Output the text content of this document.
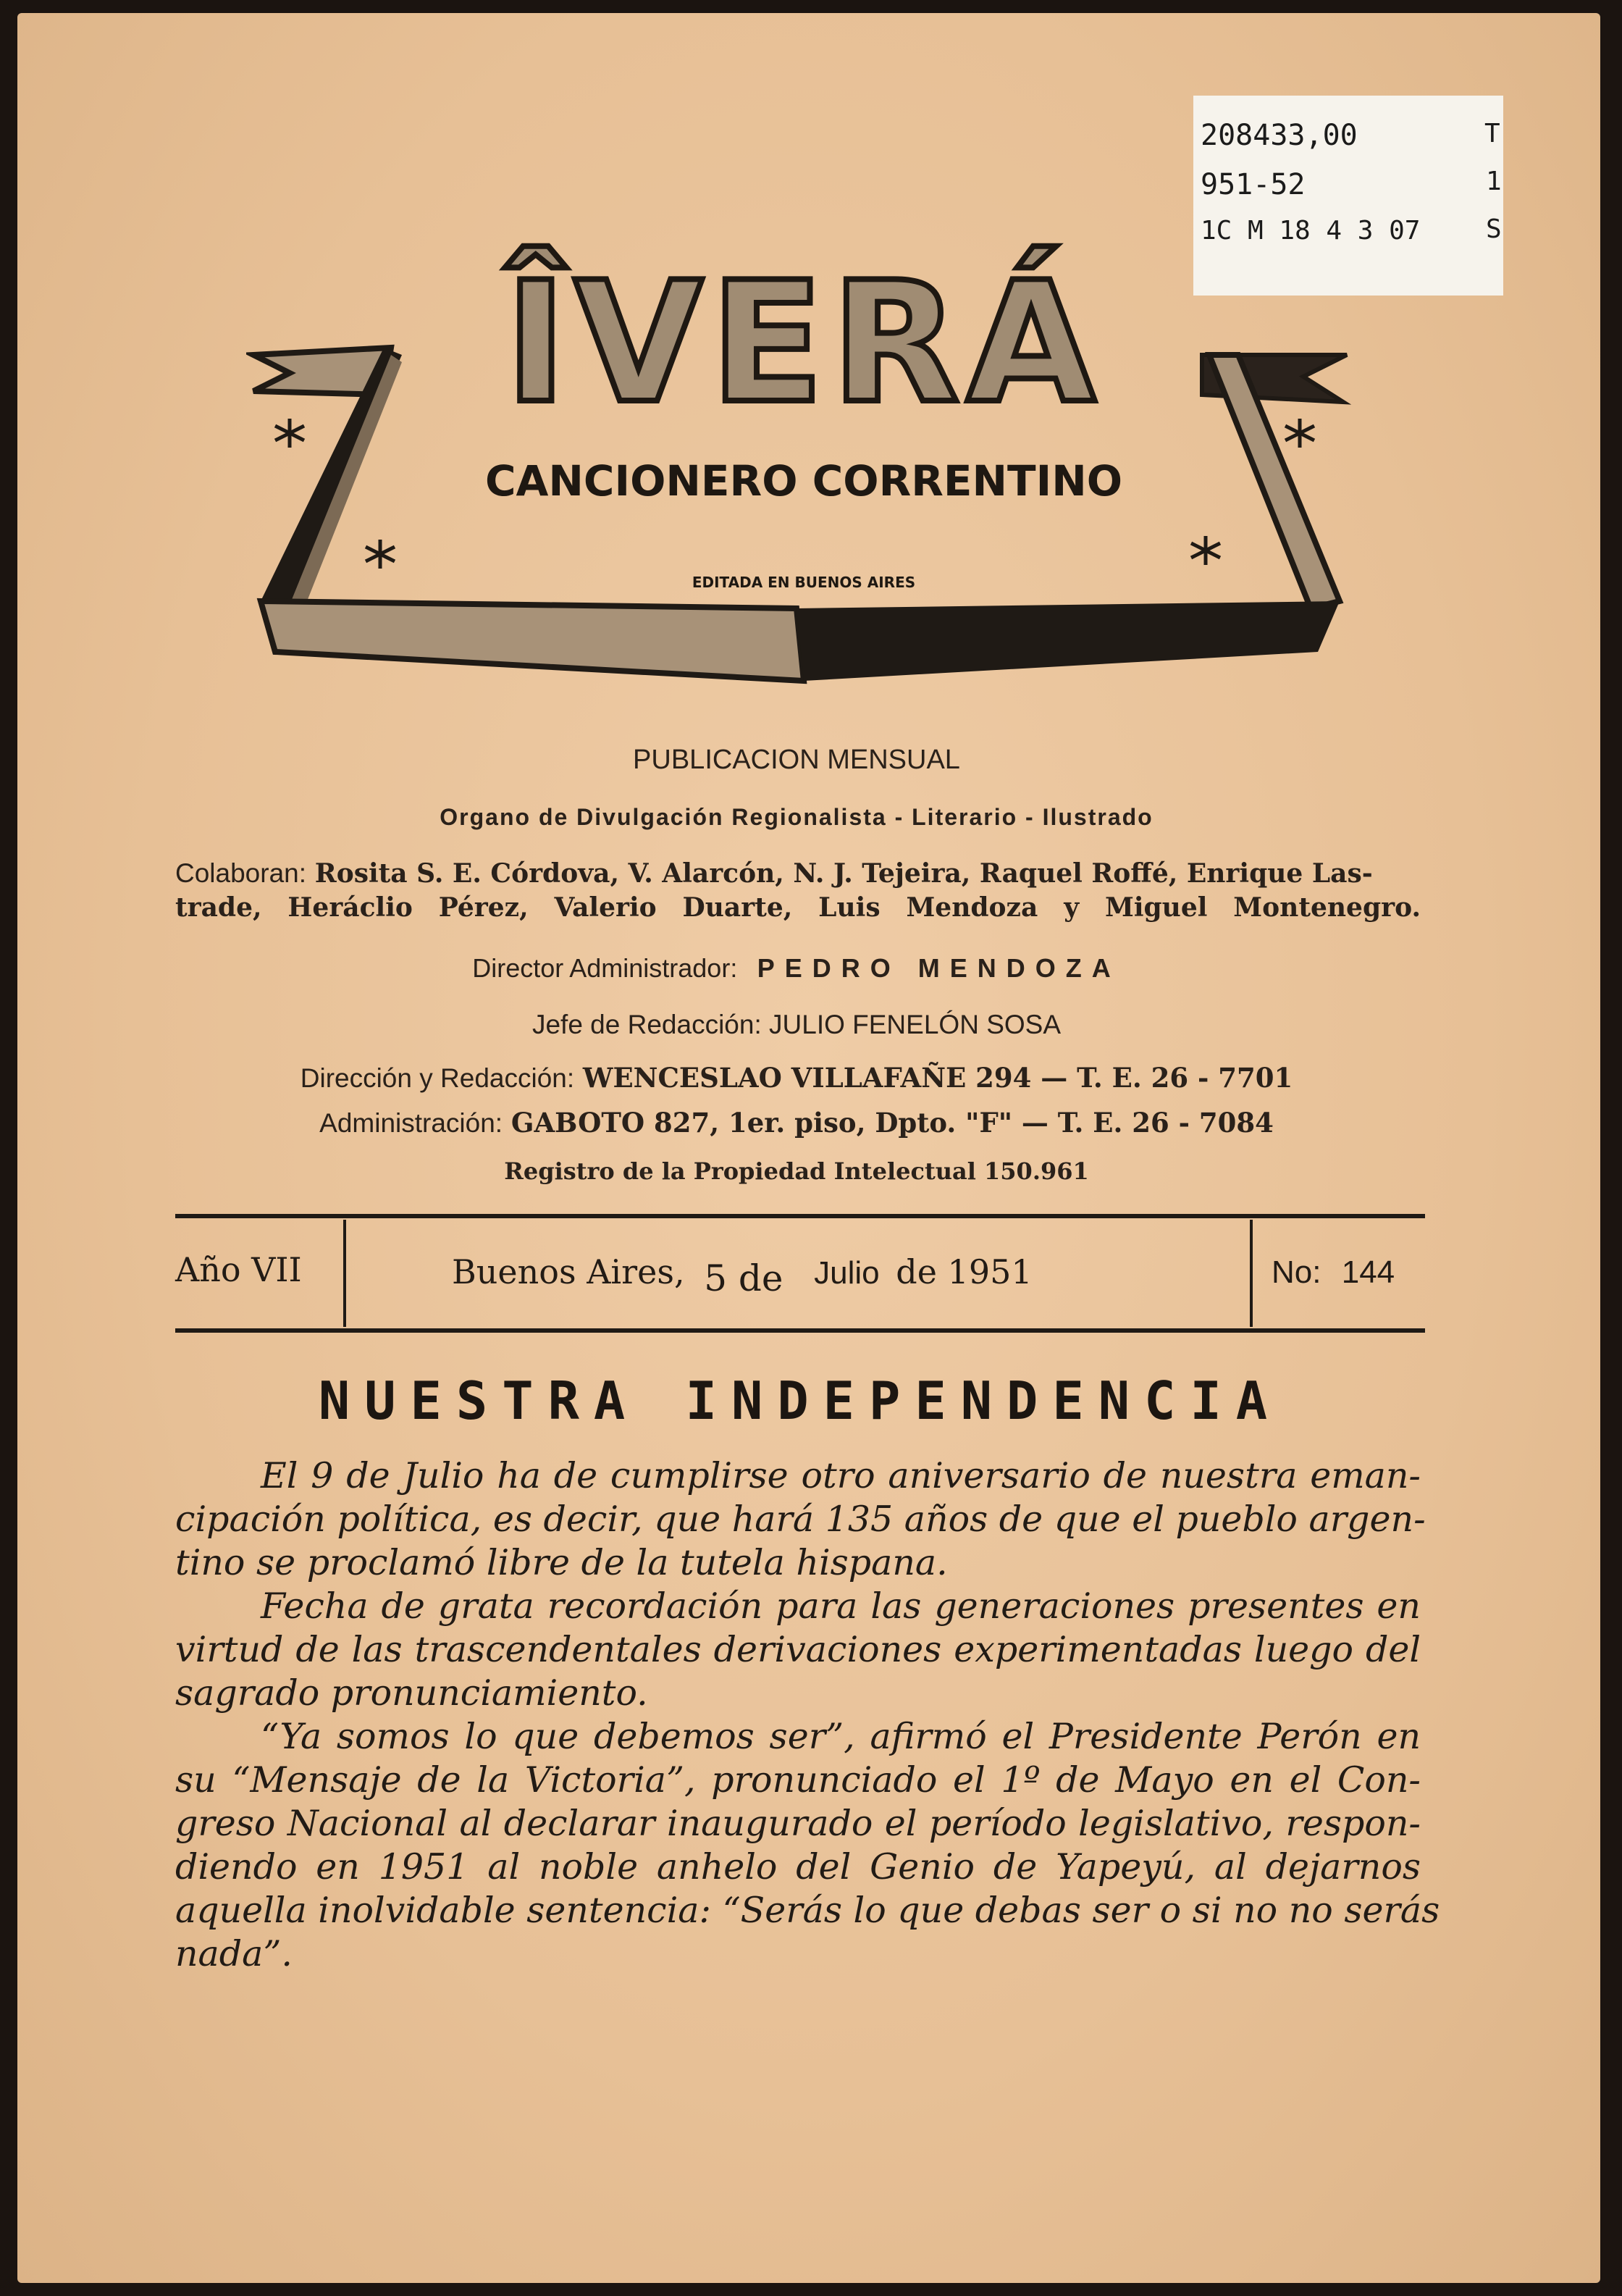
208433,00
951-52
1C M 18 4 3 07
T
1
S
ÎVERÁ
CANCIONERO CORRENTINO
EDITADA EN BUENOS AIRES
PUBLICACION MENSUAL
Organo de Divulgación Regionalista - Literario - Ilustrado
Colaboran: Rosita S. E. Córdova, V. Alarcón, N. J. Tejeira, Raquel Roffé, Enrique Las-
trade, Heráclio Pérez, Valerio Duarte, Luis Mendoza y Miguel Montenegro.
Director Administrador: PEDRO MENDOZA
Jefe de Redacción: JULIO FENELÓN SOSA
Dirección y Redacción: WENCESLAO VILLAFAÑE 294 — T. E. 26 - 7701
Administración: GABOTO 827, 1er. piso, Dpto. "F" — T. E. 26 - 7084
Registro de la Propiedad Intelectual 150.961
Año VII	Buenos Aires, 5 de Julio de 1951	No: 144
NUESTRA INDEPENDENCIA
El 9 de Julio ha de cumplirse otro aniversario de nuestra eman-
cipación política, es decir, que hará 135 años de que el pueblo argen-
tino se proclamó libre de la tutela hispana.
Fecha de grata recordación para las generaciones presentes en
virtud de las trascendentales derivaciones experimentadas luego del
sagrado pronunciamiento.
“Ya somos lo que debemos ser”, afirmó el Presidente Perón en
su “Mensaje de la Victoria”, pronunciado el 1º de Mayo en el Con-
greso Nacional al declarar inaugurado el período legislativo, respon-
diendo en 1951 al noble anhelo del Genio de Yapeyú, al dejarnos
aquella inolvidable sentencia: “Serás lo que debas ser o si no no serás
nada”.
